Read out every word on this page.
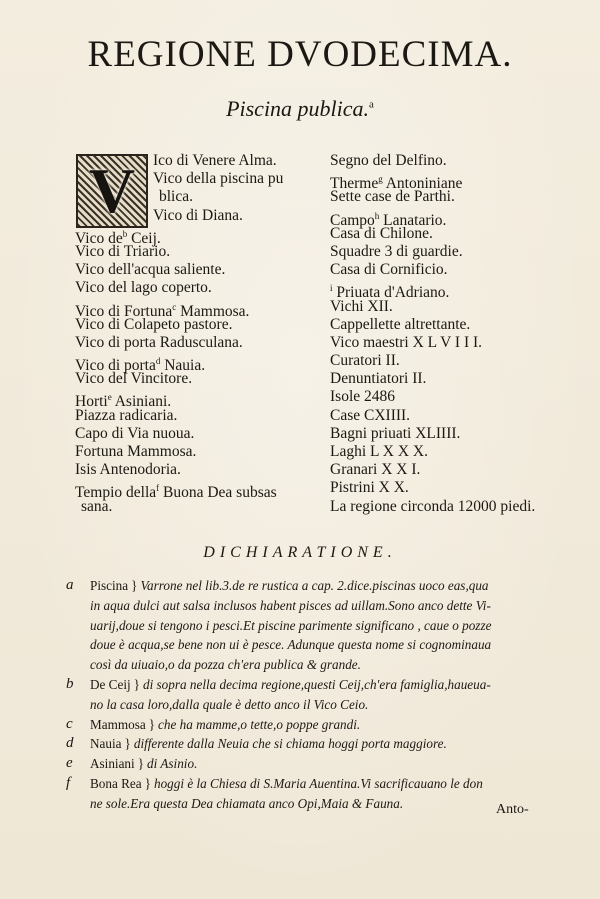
REGIONE DVODECIMA.
Piscina publica.$^a$
V	Ico di Venere Alma.
Vico della piscina pu
blica.
Vico di Diana.
Vico $de^b$ Ceij.
Vico di Triario.
Vico dell'acqua saliente.
Vico del lago coperto.
Vico di Fortuna$^c$ Mammosa.
Vico di Colapeto pastore.
Vico di porta Radusculana.
Vico di porta$^d$ Nauia.
Vico del Vincitore.
Horti$^e$ Asiniani.
Piazza radicaria.
Capo di Via nuoua.
Fortuna Mammosa.
Isis Antenodoria.
Tempio della$^f$ Buona Dea subsas
sana.
Segno del Delfino.
Therme$^g$ Antoniniane
Sette case de Parthi.
Campo$^h$ Lanatario.
Casa di Chilone.
Squadre 3 di guardie.
Casa di Cornificio.
$^i$ Priuata d'Adriano.
Vichi XII.
Cappellette altrettante.
Vico maestri X L V I I I.
Curatori II.
Denuntiatori II.
Isole 2486
Case CXIIII.
Bagni priuati XLIIII.
Laghi L X X X.
Granari X X I.
Pistrini X X.
La regione circonda 12000 piedi.
DICHIARATIONE.
a Piscina } Varrone nel lib.3.de re rustica a cap. 2.dice.piscinas uoco eas,qua
in aqua dulci aut salsa inclusos habent pisces ad uillam.Sono anco dette Vi-
uarij,doue si tengono i pesci.Et piscine parimente significano , caue o pozze
doue è acqua,se bene non ui è pesce. Adunque questa nome si cognominaua
così da uiuaio,o da pozza ch'era publica & grande.
b De Ceij } di sopra nella decima regione,questi Ceij,ch'era famiglia,haueua-
no la casa loro,dalla quale è detto anco il Vico Ceio.
c Mammosa } che ha mamme,o tette,o poppe grandi.
d Nauia } differente dalla Neuia che si chiama hoggi porta maggiore.
e Asiniani } di Asinio.
f Bona Rea } hoggi è la Chiesa di S.Maria Auentina.Vi sacrificauano le don
ne sole.Era questa Dea chiamata anco Opi,Maia & Fauna.	Anto-
